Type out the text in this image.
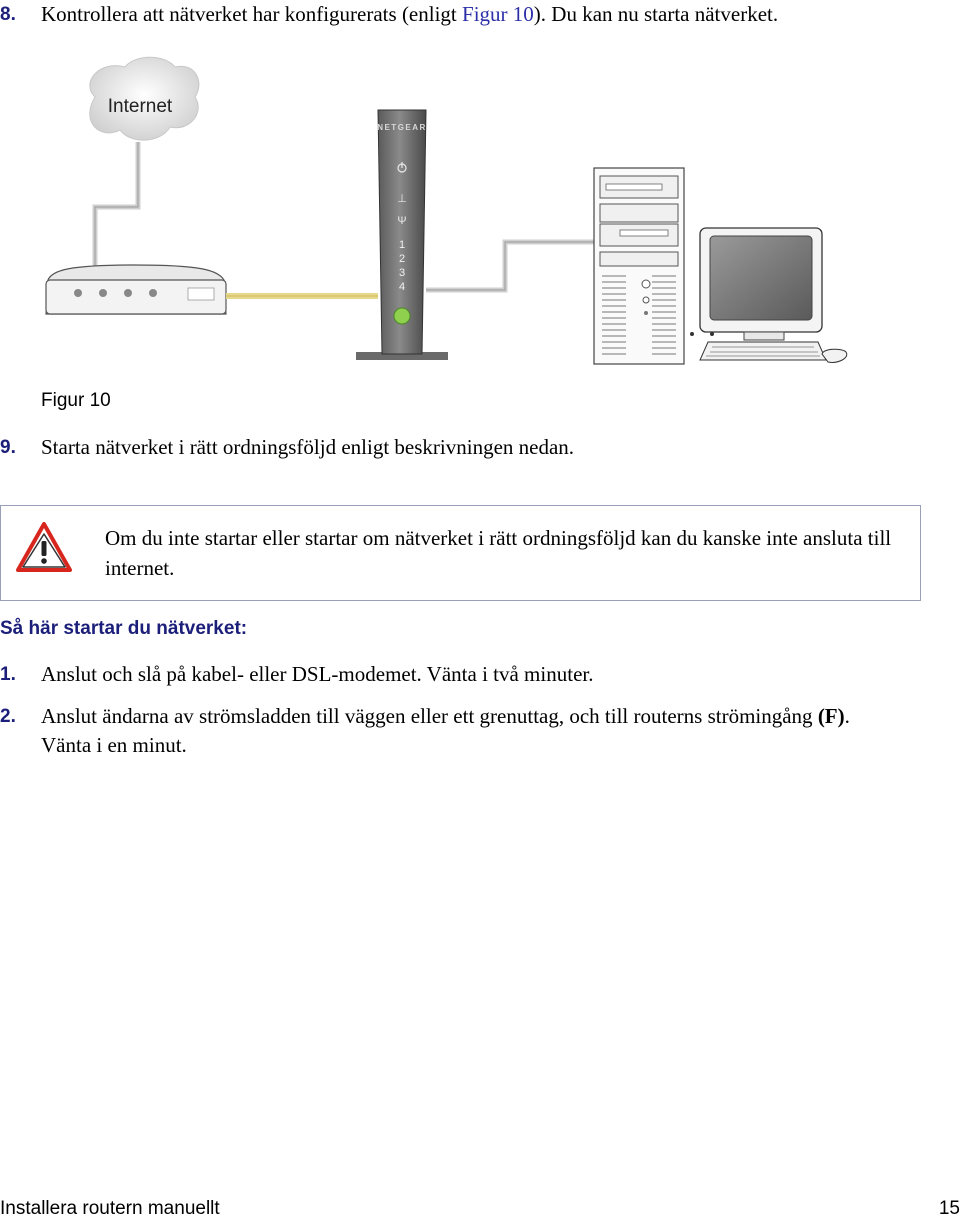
8. Kontrollera att nätverket har konfigurerats (enligt Figur 10). Du kan nu starta nätverket.
Internet
NETGEAR
⊥
Ψ
1
2
3
4
Figur 10
9. Starta nätverket i rätt ordningsföljd enligt beskrivningen nedan.
Om du inte startar eller startar om nätverket i rätt ordningsföljd kan du kanske inte ansluta till internet.
Så här startar du nätverket:
1. Anslut och slå på kabel- eller DSL-modemet. Vänta i två minuter.
2. Anslut ändarna av strömsladden till väggen eller ett grenuttag, och till routerns strömingång (F).
Vänta i en minut.
Installera routern manuellt	15
